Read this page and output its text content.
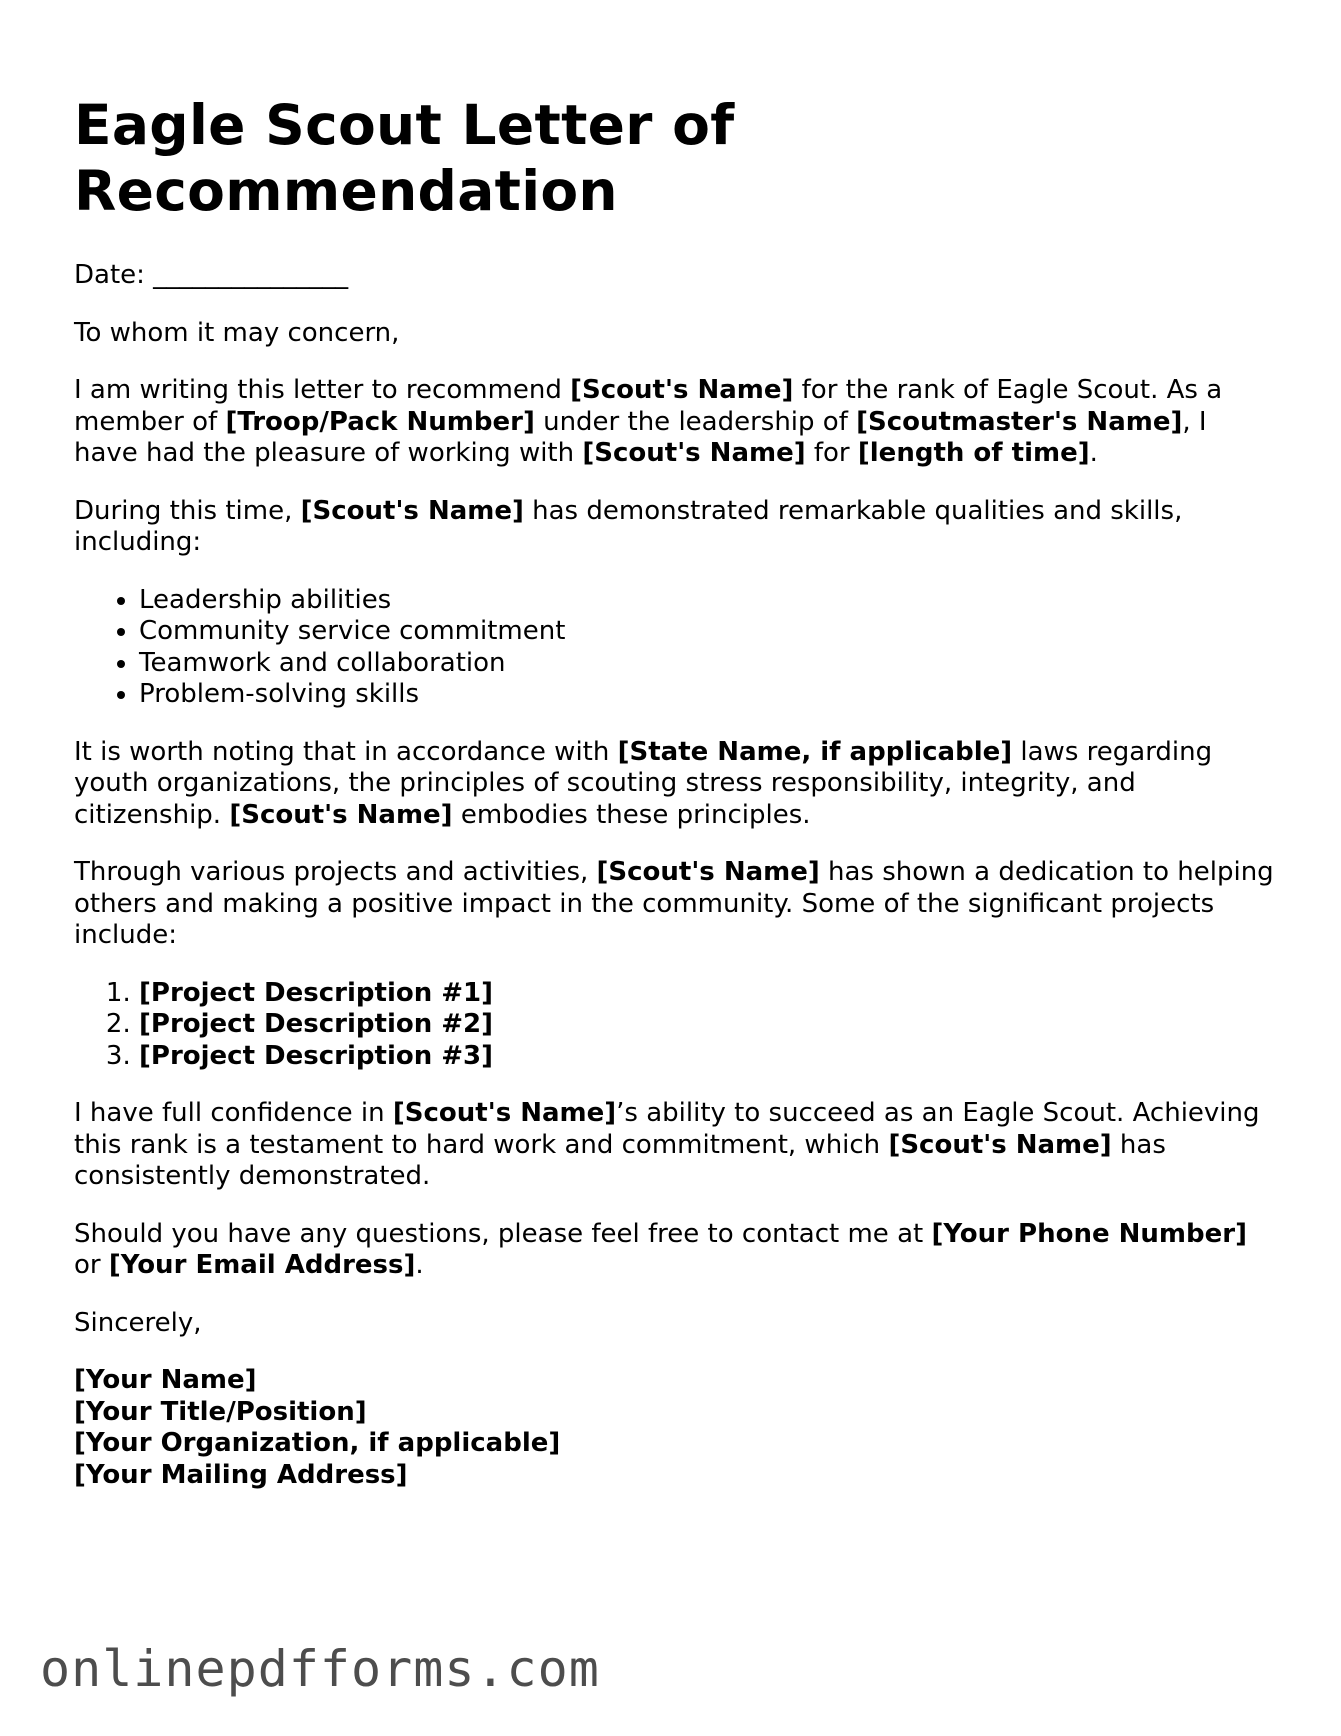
Eagle Scout Letter of Recommendation

Date: _______________

To whom it may concern,

I am writing this letter to recommend [Scout's Name] for the rank of Eagle Scout. As a member of [Troop/Pack Number] under the leadership of [Scoutmaster's Name], I have had the pleasure of working with [Scout's Name] for [length of time].

During this time, [Scout's Name] has demonstrated remarkable qualities and skills, including:

• Leadership abilities
• Community service commitment
• Teamwork and collaboration
• Problem-solving skills

It is worth noting that in accordance with [State Name, if applicable] laws regarding youth organizations, the principles of scouting stress responsibility, integrity, and citizenship. [Scout's Name] embodies these principles.

Through various projects and activities, [Scout's Name] has shown a dedication to helping others and making a positive impact in the community. Some of the significant projects include:

1. [Project Description #1]
2. [Project Description #2]
3. [Project Description #3]

I have full confidence in [Scout's Name]’s ability to succeed as an Eagle Scout. Achieving this rank is a testament to hard work and commitment, which [Scout's Name] has consistently demonstrated.

Should you have any questions, please feel free to contact me at [Your Phone Number] or [Your Email Address].

Sincerely,

[Your Name]

[Your Title/Position]

[Your Organization, if applicable]

[Your Mailing Address]

onlinepdfforms.com
